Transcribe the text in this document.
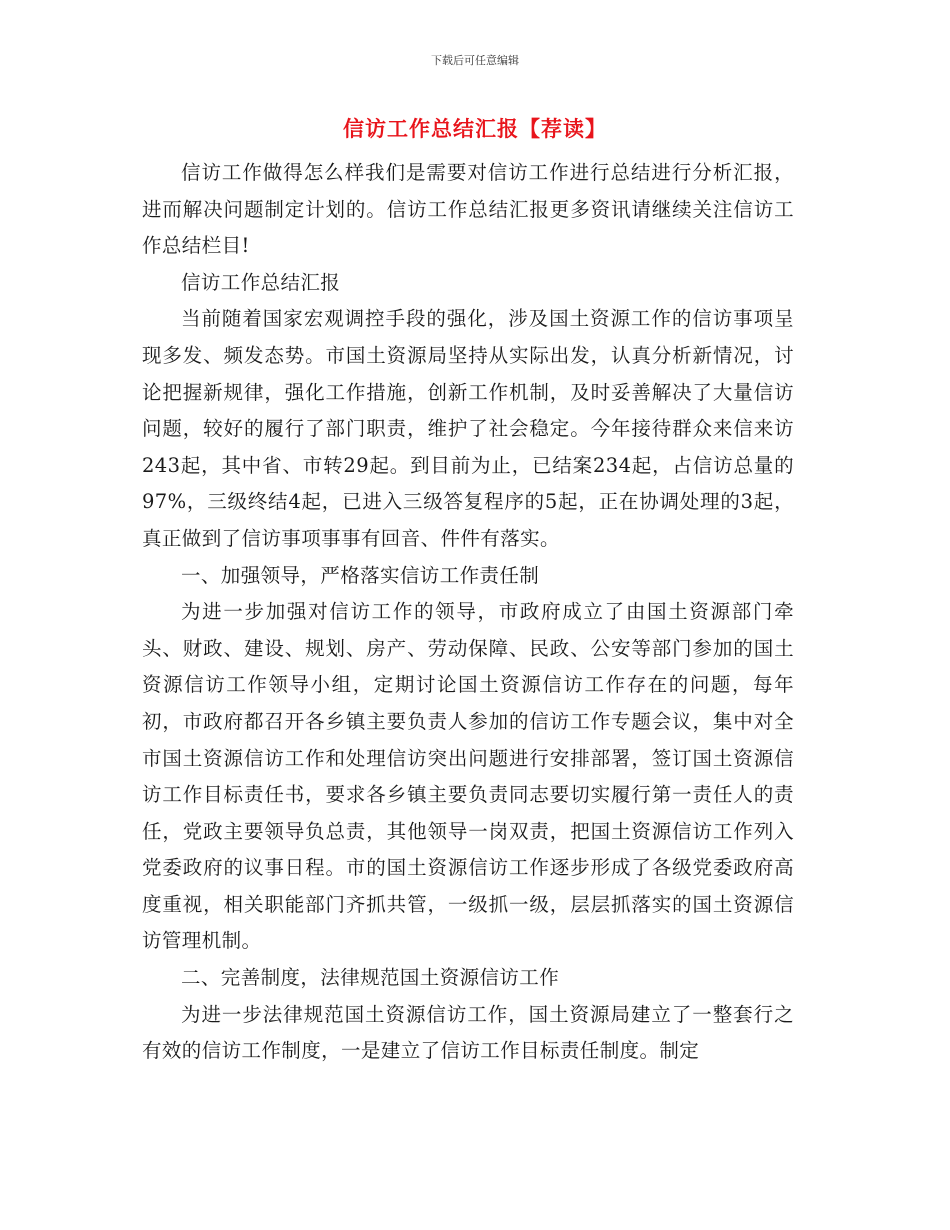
下载后可任意编辑
信访工作总结汇报【荐读】

信访工作做得怎么样我们是需要对信访工作进行总结进行分析汇报，进而解决问题制定计划的。信访工作总结汇报更多资讯请继续关注信访工作总结栏目!

信访工作总结汇报

当前随着国家宏观调控手段的强化，涉及国土资源工作的信访事项呈现多发、频发态势。市国土资源局坚持从实际出发，认真分析新情况，讨论把握新规律，强化工作措施，创新工作机制，及时妥善解决了大量信访问题，较好的履行了部门职责，维护了社会稳定。今年接待群众来信来访243起，其中省、市转29起。到目前为止，已结案234起，占信访总量的97%，三级终结4起，已进入三级答复程序的5起，正在协调处理的3起，真正做到了信访事项事事有回音、件件有落实。

一、加强领导，严格落实信访工作责任制

为进一步加强对信访工作的领导，市政府成立了由国土资源部门牵头、财政、建设、规划、房产、劳动保障、民政、公安等部门参加的国土资源信访工作领导小组，定期讨论国土资源信访工作存在的问题，每年初，市政府都召开各乡镇主要负责人参加的信访工作专题会议，集中对全市国土资源信访工作和处理信访突出问题进行安排部署，签订国土资源信访工作目标责任书，要求各乡镇主要负责同志要切实履行第一责任人的责任，党政主要领导负总责，其他领导一岗双责，把国土资源信访工作列入党委政府的议事日程。市的国土资源信访工作逐步形成了各级党委政府高度重视，相关职能部门齐抓共管，一级抓一级，层层抓落实的国土资源信访管理机制。

二、完善制度，法律规范国土资源信访工作

为进一步法律规范国土资源信访工作，国土资源局建立了一整套行之有效的信访工作制度，一是建立了信访工作目标责任制度。制定
